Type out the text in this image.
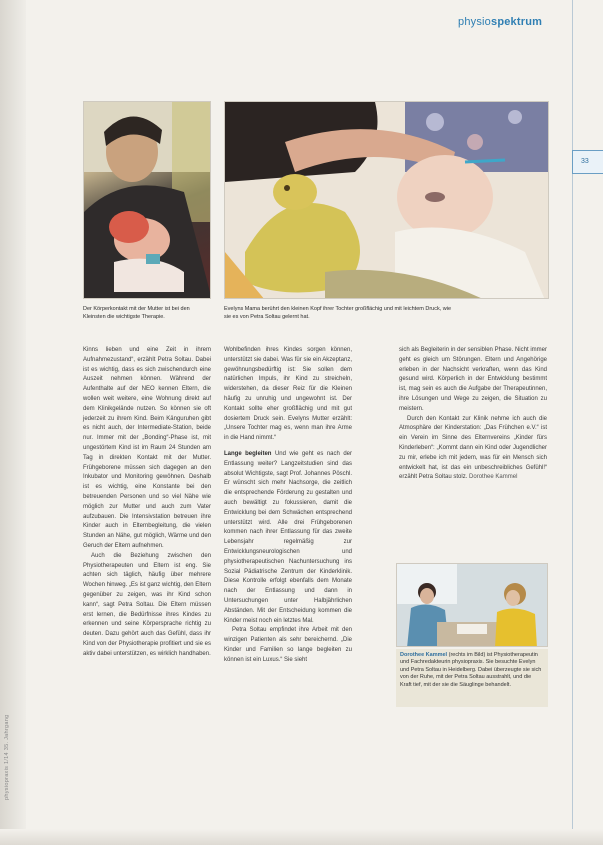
physiospektrum
33
physiopraxis 1/14 35. Jahrgang
Der Körperkontakt mit der Mutter ist bei den Kleinsten die wichtigste Therapie.
Evelyns Mama berührt den kleinen Kopf ihrer Tochter großflächig und mit leichtem Druck, wie sie es von Petra Soltau gelernt hat.

Kinns lieben und eine Zeit in ihrem Aufnahmezustand“, erzählt Petra Soltau. Dabei ist es wichtig, dass es sich zwischendurch eine Auszeit nehmen können. Während der Aufenthalte auf der NEO kennen Eltern, die wollen weit weitere, eine Wohnung direkt auf dem Klinikgelände nutzen. So können sie oft jederzeit zu ihrem Kind. Beim Känguruhen gibt es nicht auch, der Intermediate-Station, beide nur. Immer mit der „Bonding“-Phase ist, mit ungestörtem Kind ist im Raum 24 Stunden am Tag in direkten Kontakt mit der Mutter. Frühgeborene müssen sich dagegen an den Inkubator und Monitoring gewöhnen. Deshalb ist es wichtig, eine Konstante bei den betreuenden Personen und so viel Nähe wie möglich zur Mutter und auch zum Vater aufzubauen. Die Intensivstation betreuen ihre Kinder auch in Elternbegleitung, die vielen Stunden an Nähe, gut möglich, Wärme und den Geruch der Eltern aufnehmen.

Auch die Beziehung zwischen den Physiotherapeuten und Eltern ist eng. Sie achten sich täglich, häufig über mehrere Wochen hinweg. „Es ist ganz wichtig, den Eltern gegenüber zu zeigen, was ihr Kind schon kann“, sagt Petra Soltau. Die Eltern müssen erst lernen, die Bedürfnisse ihres Kindes zu erkennen und seine Körpersprache richtig zu deuten. Dazu gehört auch das Gefühl, dass ihr Kind von der Physiotherapie profitiert und sie es aktiv dabei unterstützen, es wirklich handhaben.

Wohlbefinden ihres Kindes sorgen können, unterstützt sie dabei. Was für sie ein Akzeptanz, gewöhnungsbedürftig ist: Sie sollen dem natürlichen Impuls, ihr Kind zu streicheln, widerstehen, da dieser Reiz für die Kleinen häufig zu unruhig und ungewohnt ist. Der Kontakt sollte eher großflächig und mit gut dosiertem Druck sein. Evelyns Mutter erzählt: „Unsere Tochter mag es, wenn man ihre Arme in die Hand nimmt.“

Lange begleiten Und wie geht es nach der Entlassung weiter? Langzeitstudien sind das absolut Wichtigste, sagt Prof. Johannes Pöschl. Er wünscht sich mehr Nachsorge, die zeitlich die entsprechende Förderung zu gestalten und auch bewältigt zu fokussieren, damit die Entwicklung bei dem Schwächen entsprechend unterstützt wird. Alle drei Frühgeborenen kommen nach ihrer Entlassung für das zweite Lebensjahr regelmäßig zur Entwicklungsneurologischen und physiotherapeutischen Nachuntersuchung ins Sozial Pädiatrische Zentrum der Kinderklinik. Diese Kontrolle erfolgt ebenfalls dem Monate nach der Entlassung und dann in Untersuchungen unter Halbjährlichen Abständen. Mit der Entscheidung kommen die Kinder meist noch ein letztes Mal.

Petra Soltau empfindet ihre Arbeit mit den winzigen Patienten als sehr bereichernd. „Die Kinder und Familien so lange begleiten zu können ist ein Luxus.“ Sie sieht

sich als Begleiterin in der sensiblen Phase. Nicht immer geht es gleich um Störungen. Eltern und Angehörige erleben in der Nachsicht verkraften, wenn das Kind gesund wird. Körperlich in der Entwicklung bestimmt ist, mag sein es auch die Aufgabe der Therapeutinnen, ihre Lösungen und Wege zu zeigen, die Situation zu meistern.

Durch den Kontakt zur Klinik nehme ich auch die Atmosphäre der Kinderstation: „Das Frühchen e.V.“ ist ein Verein im Sinne des Elternvereins „Kinder fürs Kinderleben“: „Kommt dann ein Kind oder Jugendlicher zu mir, erlebe ich mit jedem, was für ein Mensch sich entwickelt hat, ist das ein unbeschreibliches Gefühl!“ erzählt Petra Soltau stolz. Dorothee Kammel

Dorothee Kammel (rechts im Bild) ist Physiotherapeutin und Fachredakteurin physiopraxis. Sie besuchte Evelyn und Petra Soltau in Heidelberg. Dabei überzeugte sie sich von der Ruhe, mit der Petra Soltau ausstrahlt, und die Kraft tief, mit der sie die Säuglinge behandelt.
